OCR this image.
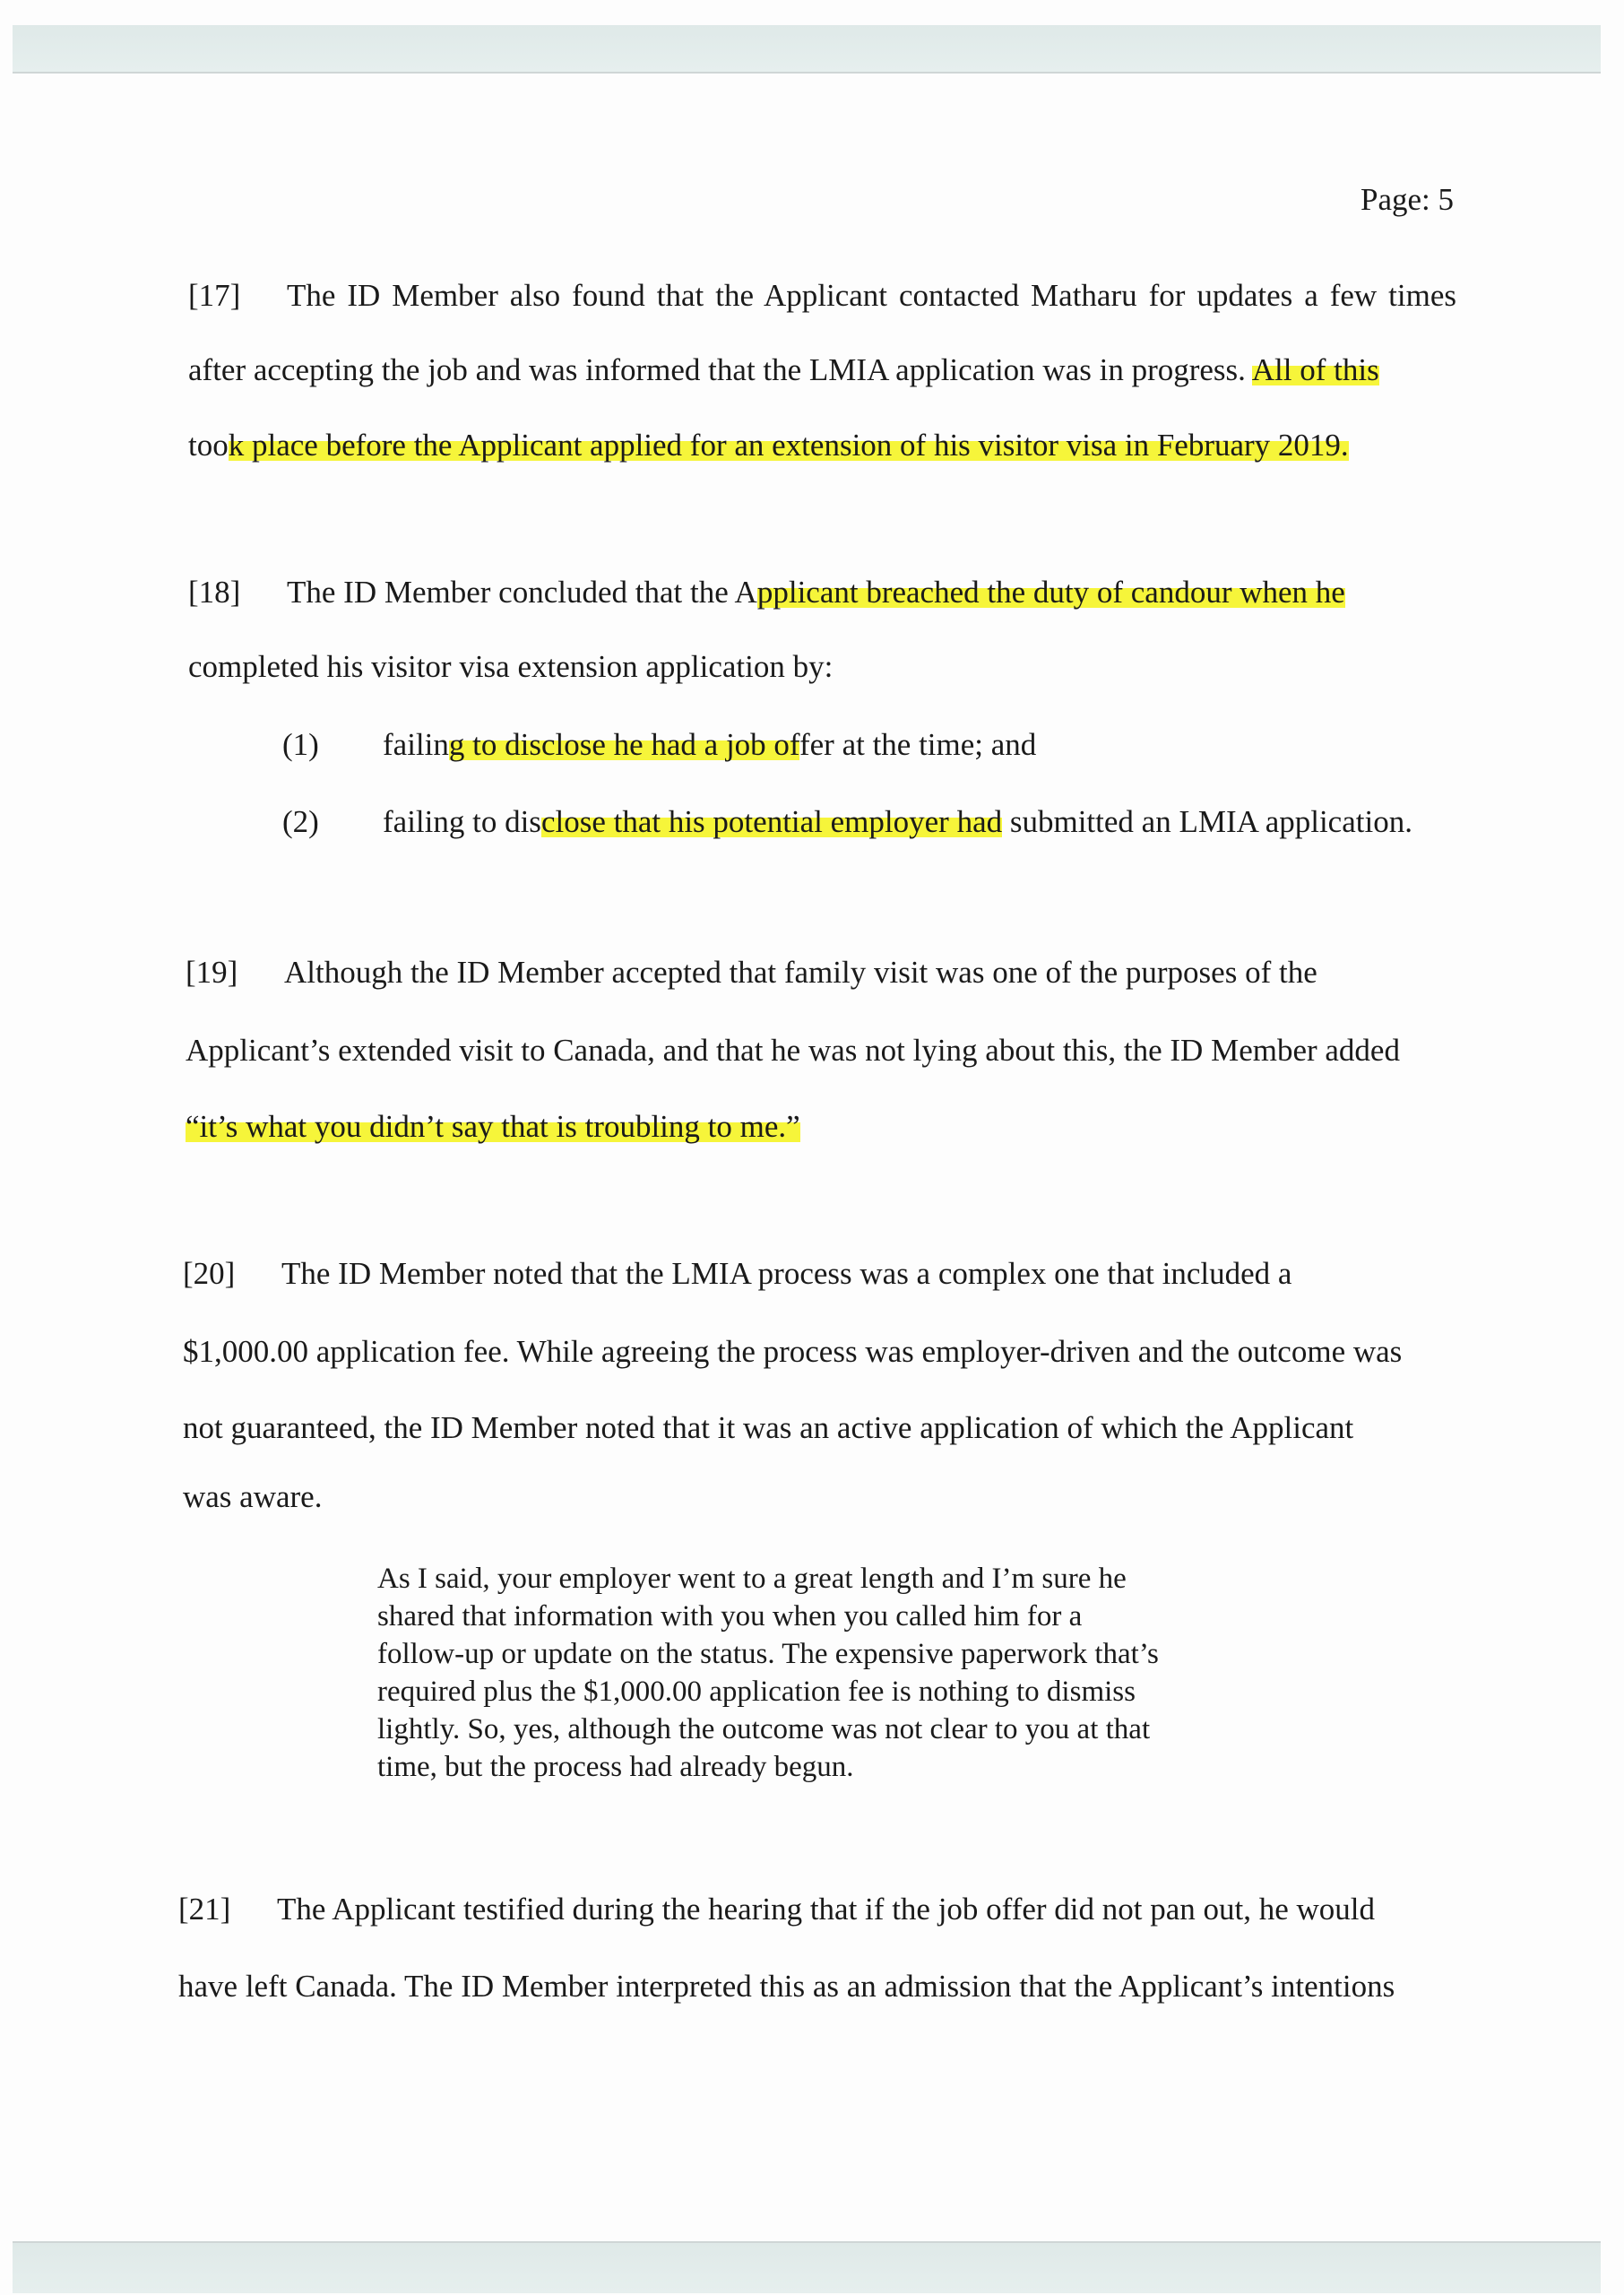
Page: 5
[17] The ID Member also found that the Applicant contacted Matharu for updates a few times
after accepting the job and was informed that the LMIA application was in progress. All of this
took place before the Applicant applied for an extension of his visitor visa in February 2019.
[18] The ID Member concluded that the Applicant breached the duty of candour when he
completed his visitor visa extension application by:
(1) failing to disclose he had a job offer at the time; and
(2) failing to disclose that his potential employer had submitted an LMIA application.
[19] Although the ID Member accepted that family visit was one of the purposes of the
Applicant’s extended visit to Canada, and that he was not lying about this, the ID Member added
“it’s what you didn’t say that is troubling to me.”
[20] The ID Member noted that the LMIA process was a complex one that included a
$1,000.00 application fee. While agreeing the process was employer-driven and the outcome was
not guaranteed, the ID Member noted that it was an active application of which the Applicant
was aware.
As I said, your employer went to a great length and I’m sure he
shared that information with you when you called him for a
follow-up or update on the status. The expensive paperwork that’s
required plus the $1,000.00 application fee is nothing to dismiss
lightly. So, yes, although the outcome was not clear to you at that
time, but the process had already begun.
[21] The Applicant testified during the hearing that if the job offer did not pan out, he would
have left Canada. The ID Member interpreted this as an admission that the Applicant’s intentions
